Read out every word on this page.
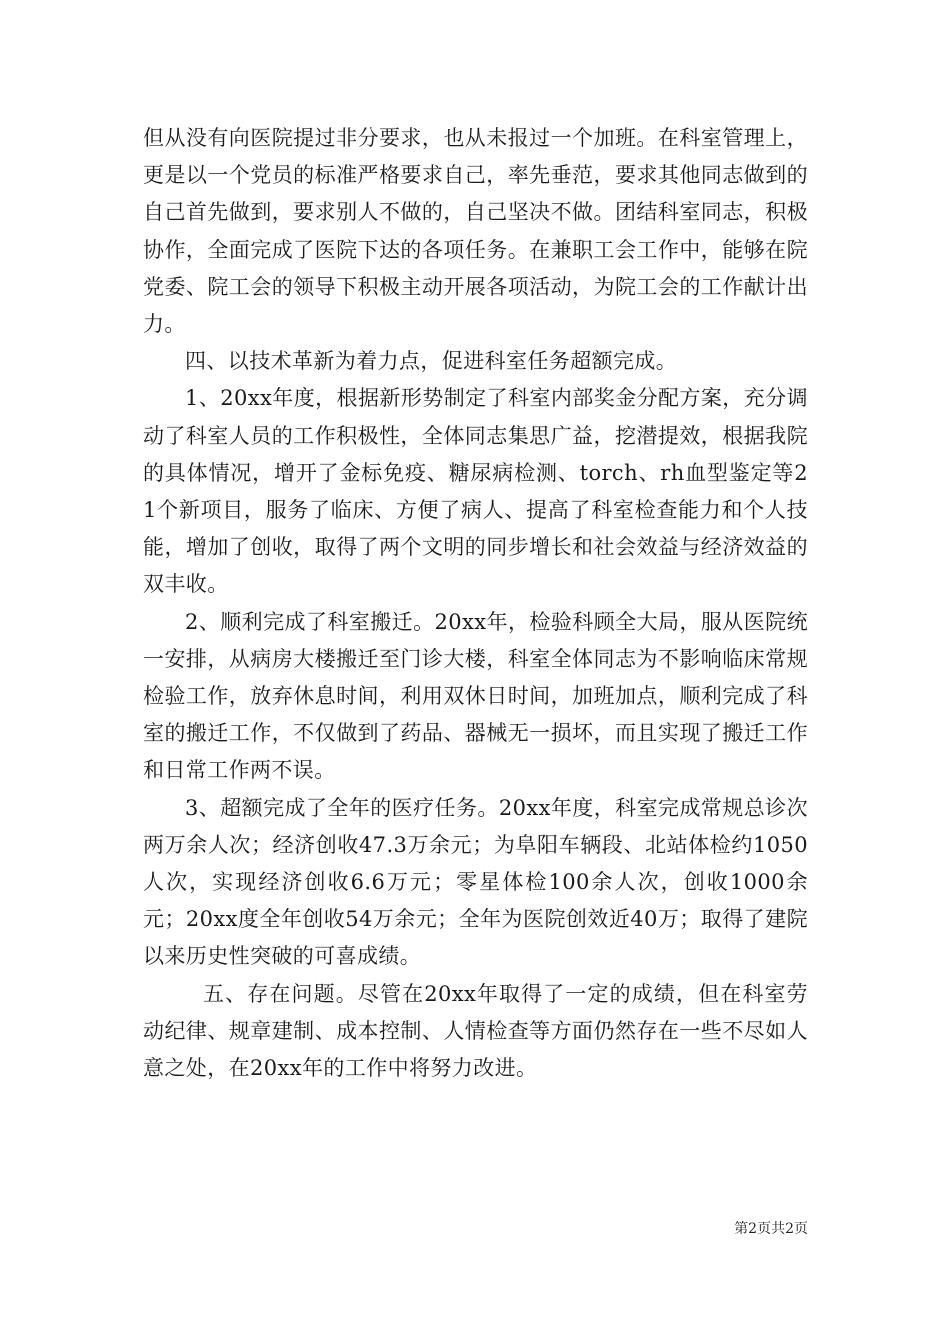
但从没有向医院提过非分要求，也从未报过一个加班。在科室管理上，更是以一个党员的标准严格要求自己，率先垂范，要求其他同志做到的自己首先做到，要求别人不做的，自己坚决不做。团结科室同志，积极协作，全面完成了医院下达的各项任务。在兼职工会工作中，能够在院党委、院工会的领导下积极主动开展各项活动，为院工会的工作献计出力。

四、以技术革新为着力点，促进科室任务超额完成。

1、20xx年度，根据新形势制定了科室内部奖金分配方案，充分调动了科室人员的工作积极性，全体同志集思广益，挖潜提效，根据我院的具体情况，增开了金标免疫、糖尿病检测、torch、rh血型鉴定等21个新项目，服务了临床、方便了病人、提高了科室检查能力和个人技能，增加了创收，取得了两个文明的同步增长和社会效益与经济效益的双丰收。

2、顺利完成了科室搬迁。20xx年，检验科顾全大局，服从医院统一安排，从病房大楼搬迁至门诊大楼，科室全体同志为不影响临床常规检验工作，放弃休息时间，利用双休日时间，加班加点，顺利完成了科室的搬迁工作，不仅做到了药品、器械无一损坏，而且实现了搬迁工作和日常工作两不误。

3、超额完成了全年的医疗任务。20xx年度，科室完成常规总诊次两万余人次；经济创收47.3万余元；为阜阳车辆段、北站体检约1050人次，实现经济创收6.6万元；零星体检100余人次，创收1000余元；20xx度全年创收54万余元；全年为医院创效近40万；取得了建院以来历史性突破的可喜成绩。

五、存在问题。尽管在20xx年取得了一定的成绩，但在科室劳动纪律、规章建制、成本控制、人情检查等方面仍然存在一些不尽如人意之处，在20xx年的工作中将努力改进。

第2页共2页
